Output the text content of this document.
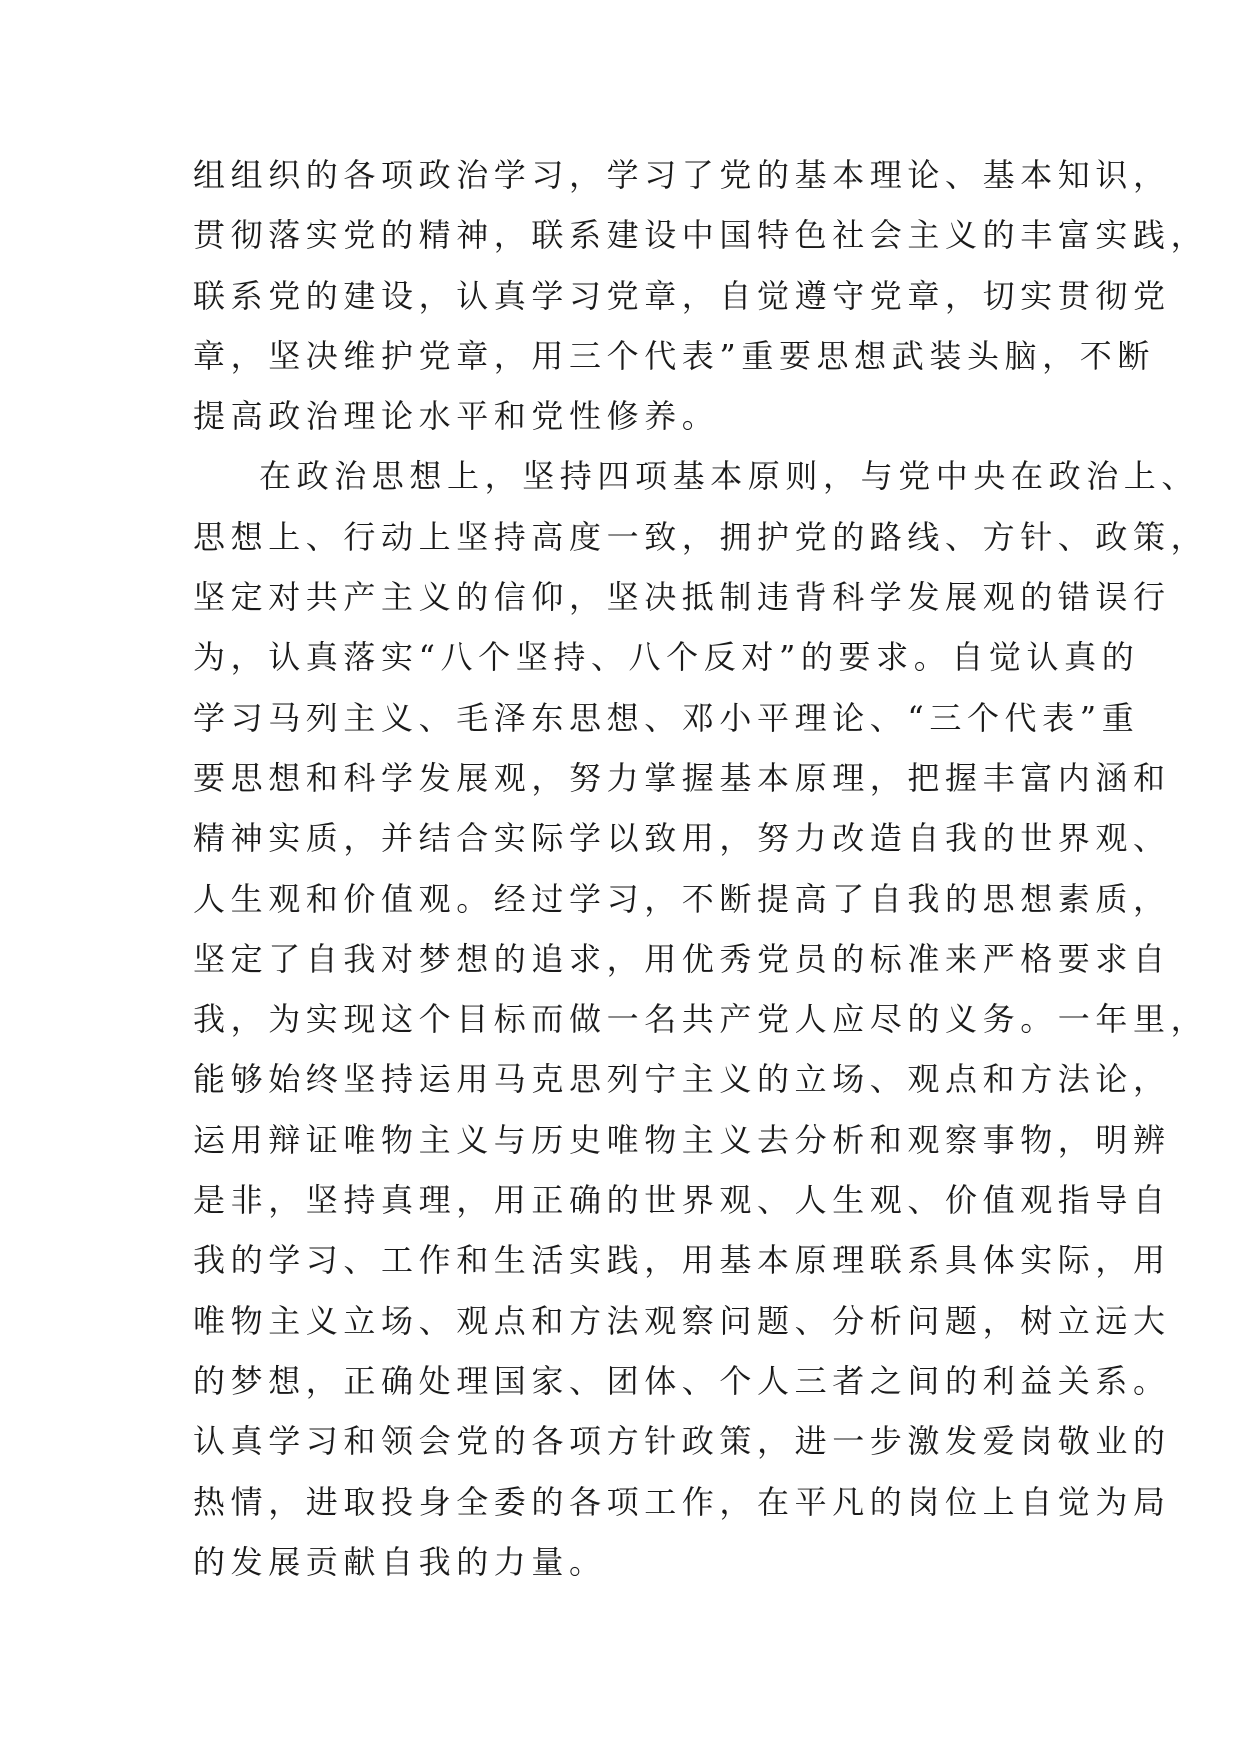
组组织的各项政治学习，学习了党的基本理论、基本知识，
贯彻落实党的精神，联系建设中国特色社会主义的丰富实践，
联系党的建设，认真学习党章，自觉遵守党章，切实贯彻党
章，坚决维护党章，用三个代表”重要思想武装头脑，不断
提高政治理论水平和党性修养。
在政治思想上，坚持四项基本原则，与党中央在政治上、
思想上、行动上坚持高度一致，拥护党的路线、方针、政策，
坚定对共产主义的信仰，坚决抵制违背科学发展观的错误行
为，认真落实“八个坚持、八个反对”的要求。自觉认真的
学习马列主义、毛泽东思想、邓小平理论、“三个代表”重
要思想和科学发展观，努力掌握基本原理，把握丰富内涵和
精神实质，并结合实际学以致用，努力改造自我的世界观、
人生观和价值观。经过学习，不断提高了自我的思想素质，
坚定了自我对梦想的追求，用优秀党员的标准来严格要求自
我，为实现这个目标而做一名共产党人应尽的义务。一年里，
能够始终坚持运用马克思列宁主义的立场、观点和方法论，
运用辩证唯物主义与历史唯物主义去分析和观察事物，明辨
是非，坚持真理，用正确的世界观、人生观、价值观指导自
我的学习、工作和生活实践，用基本原理联系具体实际，用
唯物主义立场、观点和方法观察问题、分析问题，树立远大
的梦想，正确处理国家、团体、个人三者之间的利益关系。
认真学习和领会党的各项方针政策，进一步激发爱岗敬业的
热情，进取投身全委的各项工作，在平凡的岗位上自觉为局
的发展贡献自我的力量。
